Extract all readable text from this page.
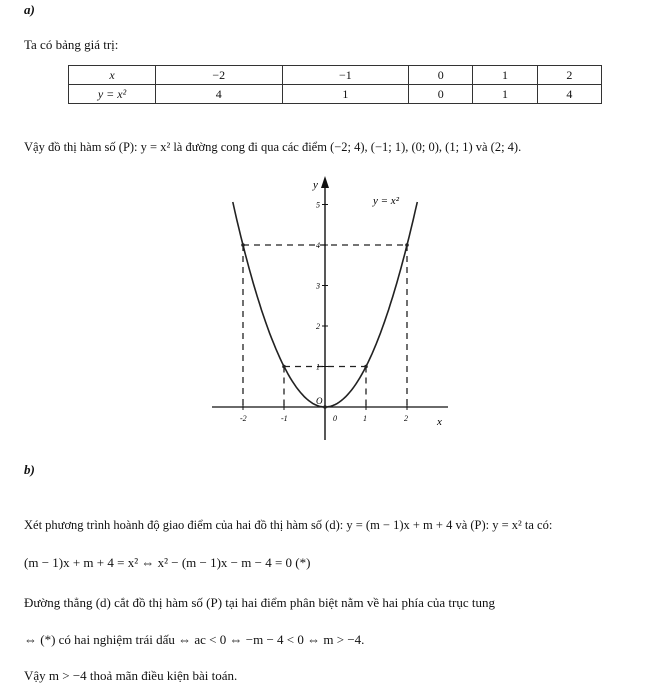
a)
Ta có bảng giá trị:
x	−2	−1	0	1	2
y = x²	4	1	0	1	4
Vậy đồ thị hàm số (P): y = x² là đường cong đi qua các điểm (−2; 4), (−1; 1), (0; 0), (1; 1) và (2; 4).
y
x
O
y = x²
-2	-1	0	1	2
5
4
3
2
1
b)
Xét phương trình hoành độ giao điểm của hai đồ thị hàm số (d): y = (m − 1)x + m + 4 và (P): y = x² ta có:
(m − 1)x + m + 4 = x² ⇔ x² − (m − 1)x − m − 4 = 0 (*)
Đường thẳng (d) cắt đồ thị hàm số (P) tại hai điểm phân biệt nằm về hai phía của trục tung
⇔ (*) có hai nghiệm trái dấu ⇔ ac < 0 ⇔ −m − 4 < 0 ⇔ m > −4.
Vậy m > −4 thoả mãn điều kiện bài toán.
